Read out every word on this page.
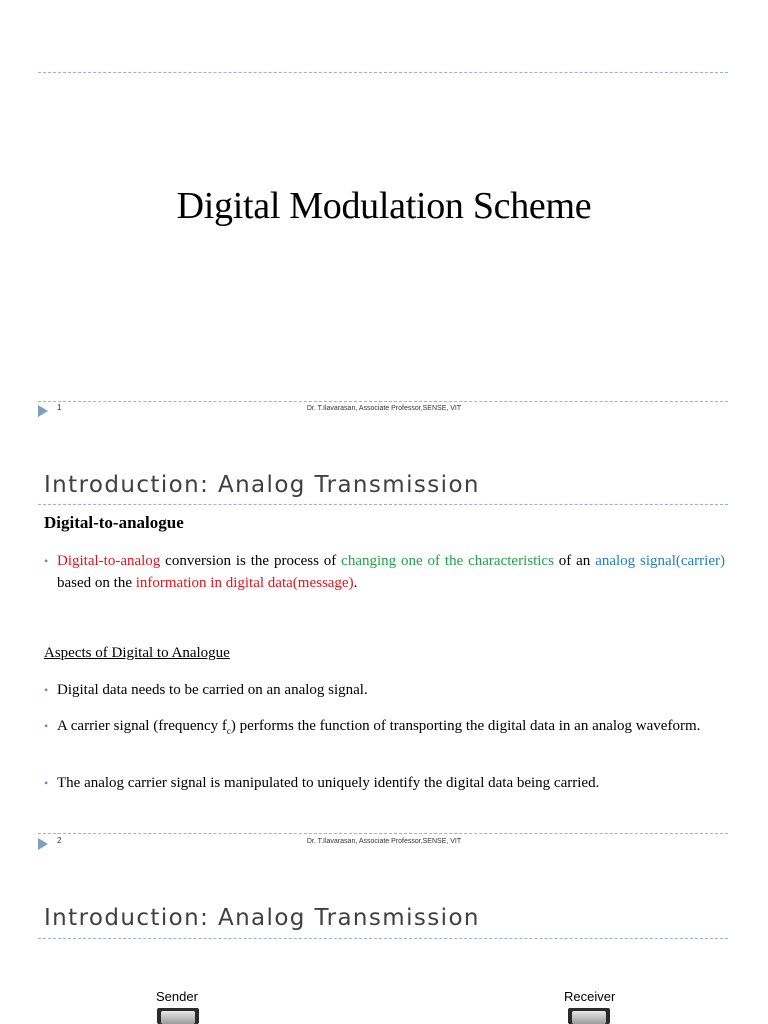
Digital Modulation Scheme
1	Dr. T.Ilavarasan, Associate Professor,SENSE, VIT
Introduction: Analog Transmission
Digital-to-analogue
• Digital-to-analog conversion is the process of changing one of the characteristics of an analog signal(carrier) based on the information in digital data(message).
Aspects of Digital to Analogue
• Digital data needs to be carried on an analog signal.
• A carrier signal (frequency $f_c$) performs the function of transporting the digital data in an analog waveform.
• The analog carrier signal is manipulated to uniquely identify the digital data being carried.
2	Dr. T.Ilavarasan, Associate Professor,SENSE, VIT
Introduction: Analog Transmission
Sender	Receiver
